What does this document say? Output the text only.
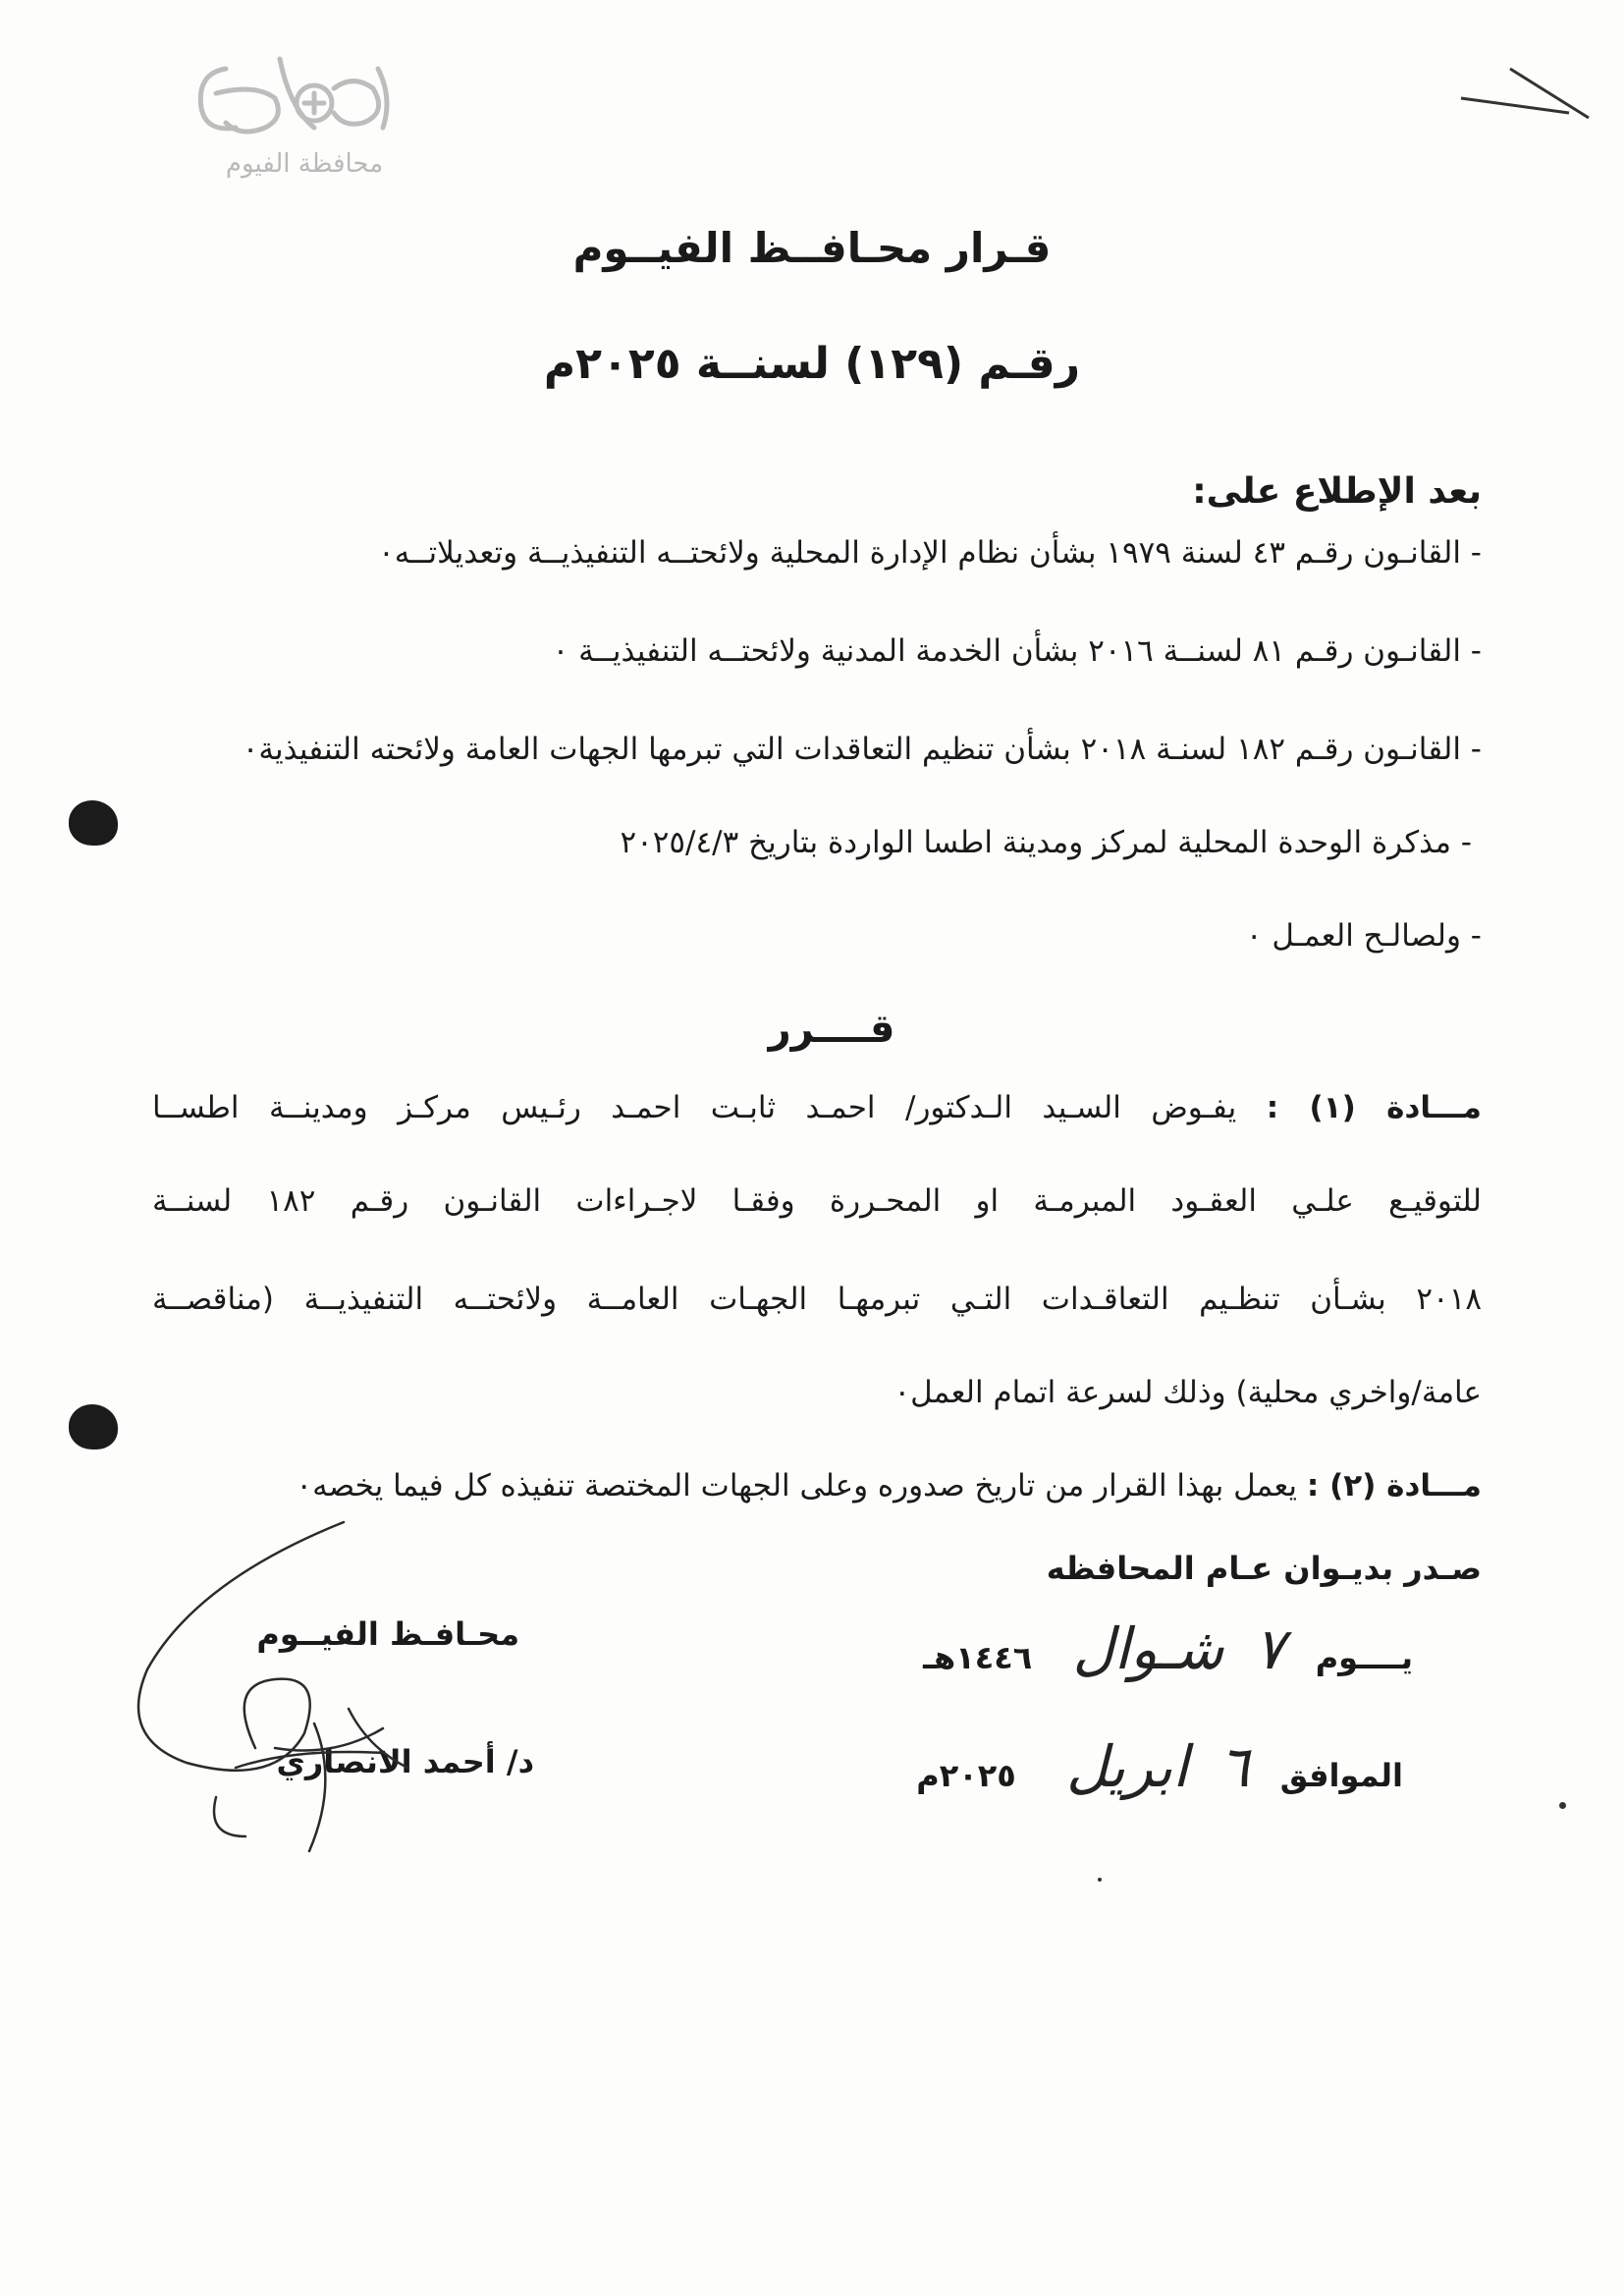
محافظة الفيوم
قـرار محـافــظ الفيــوم
رقـم (١٢٩) لسنــة ٢٠٢٥م
بعد الإطلاع على:
- القانـون رقـم ٤٣ لسنة ١٩٧٩ بشأن نظام الإدارة المحلية ولائحتــه التنفيذيــة وتعديلاتــه٠
- القانـون رقـم ٨١ لسنــة ٢٠١٦ بشأن الخدمة المدنية ولائحتــه التنفيذيــة ٠
- القانـون رقـم ١٨٢ لسنـة ٢٠١٨ بشأن تنظيم التعاقدات التي تبرمها الجهات العامة ولائحته التنفيذية٠
- مذكرة الوحدة المحلية لمركز ومدينة اطسا الواردة بتاريخ ٢٠٢٥/٤/٣
- ولصالـح العمـل ٠
قــــرر
مـــادة (١) : يفـوض السـيد الـدكتور/ احمـد ثابـت احمـد رئـيس مركـز ومدينــة اطســا
للتوقيـع علـي العقـود المبرمـة او المحـررة وفقـا لاجـراءات القانـون رقـم ١٨٢ لسنــة
٢٠١٨ بشـأن تنظـيم التعاقـدات التـي تبرمهـا الجهـات العامــة ولائحتــه التنفيذيــة (مناقصــة
عامة/واخري محلية) وذلك لسرعة اتمام العمل٠
مـــادة (٢) : يعمل بهذا القرار من تاريخ صدوره وعلى الجهات المختصة تنفيذه كل فيما يخصه٠
صـدر بديـوان عـام المحافظه
يــــوم ٧ شـوال ١٤٤٦هـ
الموافق ٦ ابريل ٢٠٢٥م
محـافـظ الفيــوم
د/ أحمد الانصاري
